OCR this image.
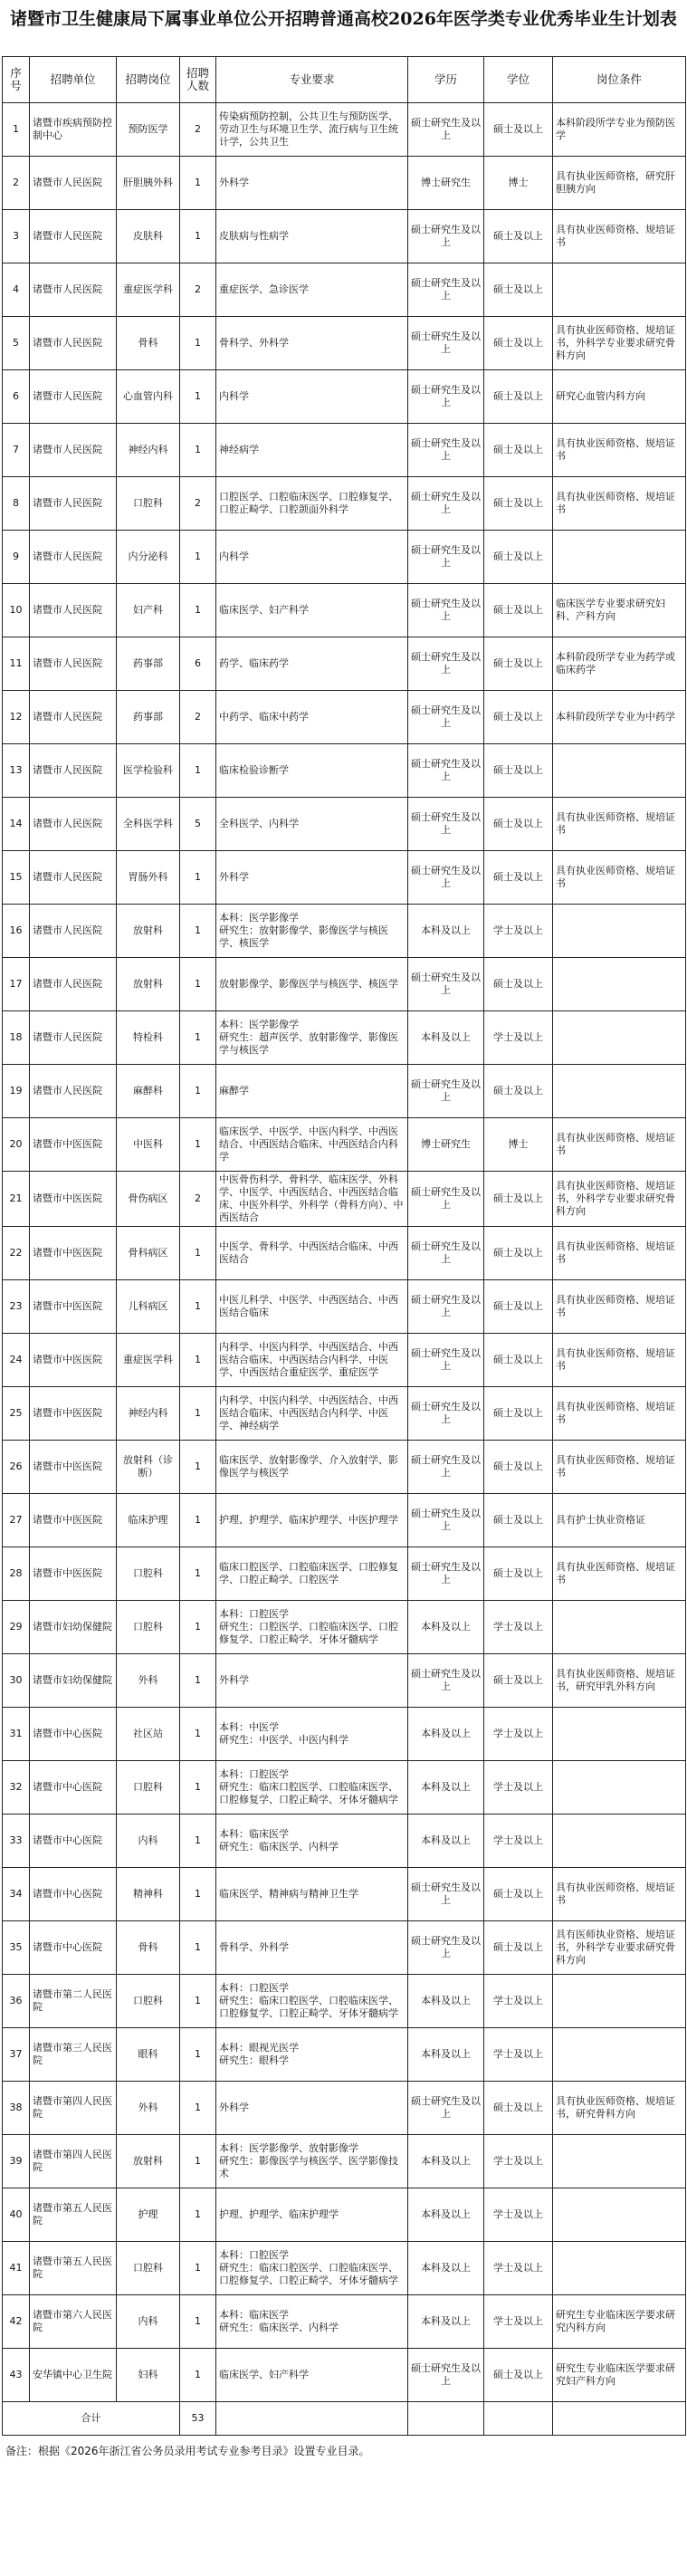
诸暨市卫生健康局下属事业单位公开招聘普通高校2026年医学类专业优秀毕业生计划表
序号	招聘单位	招聘岗位	招聘人数	专业要求	学历	学位	岗位条件
1	诸暨市疾病预防控制中心	预防医学	2	传染病预防控制，公共卫生与预防医学、劳动卫生与环境卫生学、流行病与卫生统计学，公共卫生	硕士研究生及以上	硕士及以上	本科阶段所学专业为预防医学
2	诸暨市人民医院	肝胆胰外科	1	外科学	博士研究生	博士	具有执业医师资格，研究肝胆胰方向
3	诸暨市人民医院	皮肤科	1	皮肤病与性病学	硕士研究生及以上	硕士及以上	具有执业医师资格、规培证书
4	诸暨市人民医院	重症医学科	2	重症医学、急诊医学	硕士研究生及以上	硕士及以上	
5	诸暨市人民医院	骨科	1	骨科学、外科学	硕士研究生及以上	硕士及以上	具有执业医师资格、规培证书，外科学专业要求研究骨科方向
6	诸暨市人民医院	心血管内科	1	内科学	硕士研究生及以上	硕士及以上	研究心血管内科方向
7	诸暨市人民医院	神经内科	1	神经病学	硕士研究生及以上	硕士及以上	具有执业医师资格、规培证书
8	诸暨市人民医院	口腔科	2	口腔医学、口腔临床医学、口腔修复学、口腔正畸学、口腔颌面外科学	硕士研究生及以上	硕士及以上	具有执业医师资格、规培证书
9	诸暨市人民医院	内分泌科	1	内科学	硕士研究生及以上	硕士及以上	
10	诸暨市人民医院	妇产科	1	临床医学、妇产科学	硕士研究生及以上	硕士及以上	临床医学专业要求研究妇科、产科方向
11	诸暨市人民医院	药事部	6	药学、临床药学	硕士研究生及以上	硕士及以上	本科阶段所学专业为药学或临床药学
12	诸暨市人民医院	药事部	2	中药学、临床中药学	硕士研究生及以上	硕士及以上	本科阶段所学专业为中药学
13	诸暨市人民医院	医学检验科	1	临床检验诊断学	硕士研究生及以上	硕士及以上	
14	诸暨市人民医院	全科医学科	5	全科医学、内科学	硕士研究生及以上	硕士及以上	具有执业医师资格、规培证书
15	诸暨市人民医院	胃肠外科	1	外科学	硕士研究生及以上	硕士及以上	具有执业医师资格、规培证书
16	诸暨市人民医院	放射科	1	本科：医学影像学
研究生：放射影像学、影像医学与核医学、核医学	本科及以上	学士及以上	
17	诸暨市人民医院	放射科	1	放射影像学、影像医学与核医学、核医学	硕士研究生及以上	硕士及以上	
18	诸暨市人民医院	特检科	1	本科：医学影像学
研究生：超声医学、放射影像学、影像医学与核医学	本科及以上	学士及以上	
19	诸暨市人民医院	麻醉科	1	麻醉学	硕士研究生及以上	硕士及以上	
20	诸暨市中医医院	中医科	1	临床医学、中医学、中医内科学、中西医结合、中西医结合临床、中西医结合内科学	博士研究生	博士	具有执业医师资格、规培证书
21	诸暨市中医医院	骨伤病区	2	中医骨伤科学、骨科学、临床医学、外科学、中医学、中西医结合、中西医结合临床、中医外科学、外科学（骨科方向）、中西医结合	硕士研究生及以上	硕士及以上	具有执业医师资格、规培证书，外科学专业要求研究骨科方向
22	诸暨市中医医院	骨科病区	1	中医学、骨科学、中西医结合临床、中西医结合	硕士研究生及以上	硕士及以上	具有执业医师资格、规培证书
23	诸暨市中医医院	儿科病区	1	中医儿科学、中医学、中西医结合、中西医结合临床	硕士研究生及以上	硕士及以上	具有执业医师资格、规培证书
24	诸暨市中医医院	重症医学科	1	内科学、中医内科学、中西医结合、中西医结合临床、中西医结合内科学、中医学、中西医结合重症医学、重症医学	硕士研究生及以上	硕士及以上	具有执业医师资格、规培证书
25	诸暨市中医医院	神经内科	1	内科学、中医内科学、中西医结合、中西医结合临床、中西医结合内科学、中医学、神经病学	硕士研究生及以上	硕士及以上	具有执业医师资格、规培证书
26	诸暨市中医医院	放射科（诊断）	1	临床医学、放射影像学、介入放射学、影像医学与核医学	硕士研究生及以上	硕士及以上	具有执业医师资格、规培证书
27	诸暨市中医医院	临床护理	1	护理、护理学、临床护理学、中医护理学	硕士研究生及以上	硕士及以上	具有护士执业资格证
28	诸暨市中医医院	口腔科	1	临床口腔医学、口腔临床医学、口腔修复学、口腔正畸学、口腔医学	硕士研究生及以上	硕士及以上	具有执业医师资格、规培证书
29	诸暨市妇幼保健院	口腔科	1	本科：口腔医学
研究生：口腔医学、口腔临床医学、口腔修复学、口腔正畸学、牙体牙髓病学	本科及以上	学士及以上	
30	诸暨市妇幼保健院	外科	1	外科学	硕士研究生及以上	硕士及以上	具有执业医师资格、规培证书，研究甲乳外科方向
31	诸暨市中心医院	社区站	1	本科：中医学
研究生：中医学、中医内科学	本科及以上	学士及以上	
32	诸暨市中心医院	口腔科	1	本科：口腔医学
研究生：临床口腔医学、口腔临床医学、口腔修复学、口腔正畸学、牙体牙髓病学	本科及以上	学士及以上	
33	诸暨市中心医院	内科	1	本科：临床医学
研究生：临床医学、内科学	本科及以上	学士及以上	
34	诸暨市中心医院	精神科	1	临床医学、精神病与精神卫生学	硕士研究生及以上	硕士及以上	具有执业医师资格、规培证书
35	诸暨市中心医院	骨科	1	骨科学、外科学	硕士研究生及以上	硕士及以上	具有医师执业资格、规培证书，外科学专业要求研究骨科方向
36	诸暨市第二人民医院	口腔科	1	本科：口腔医学
研究生：临床口腔医学、口腔临床医学、口腔修复学、口腔正畸学、牙体牙髓病学	本科及以上	学士及以上	
37	诸暨市第三人民医院	眼科	1	本科：眼视光医学
研究生：眼科学	本科及以上	学士及以上	
38	诸暨市第四人民医院	外科	1	外科学	硕士研究生及以上	硕士及以上	具有执业医师资格、规培证书，研究骨科方向
39	诸暨市第四人民医院	放射科	1	本科：医学影像学、放射影像学
研究生：影像医学与核医学、医学影像技术	本科及以上	学士及以上	
40	诸暨市第五人民医院	护理	1	护理、护理学、临床护理学	本科及以上	学士及以上	
41	诸暨市第五人民医院	口腔科	1	本科：口腔医学
研究生：临床口腔医学、口腔临床医学、口腔修复学、口腔正畸学、牙体牙髓病学	本科及以上	学士及以上	
42	诸暨市第六人民医院	内科	1	本科：临床医学
研究生：临床医学、内科学	本科及以上	学士及以上	研究生专业临床医学要求研究内科方向
43	安华镇中心卫生院	妇科	1	临床医学、妇产科学	硕士研究生及以上	硕士及以上	研究生专业临床医学要求研究妇产科方向
合计			53				
备注：根据《2026年浙江省公务员录用考试专业参考目录》设置专业目录。
